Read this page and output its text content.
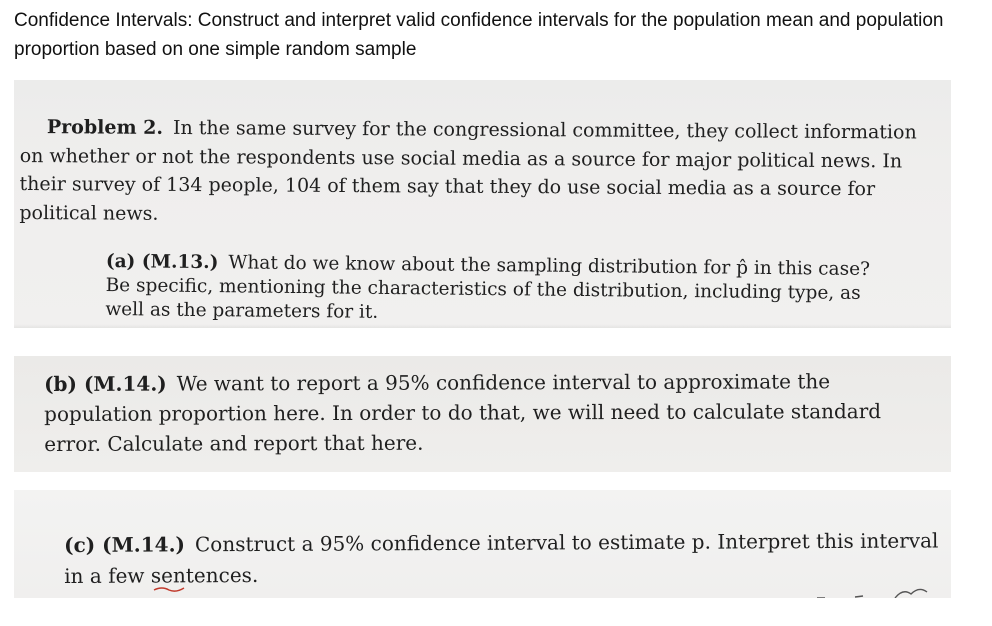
Confidence Intervals: Construct and interpret valid confidence intervals for the population mean and population proportion based on one simple random sample

Problem 2. In the same survey for the congressional committee, they collect information on whether or not the respondents use social media as a source for major political news. In their survey of 134 people, 104 of them say that they do use social media as a source for political news.

(a) (M.13.) What do we know about the sampling distribution for p̂ in this case? Be specific, mentioning the characteristics of the distribution, including type, as well as the parameters for it.

(b) (M.14.) We want to report a 95% confidence interval to approximate the population proportion here. In order to do that, we will need to calculate standard error. Calculate and report that here.

(c) (M.14.) Construct a 95% confidence interval to estimate p. Interpret this interval in a few sentences.
